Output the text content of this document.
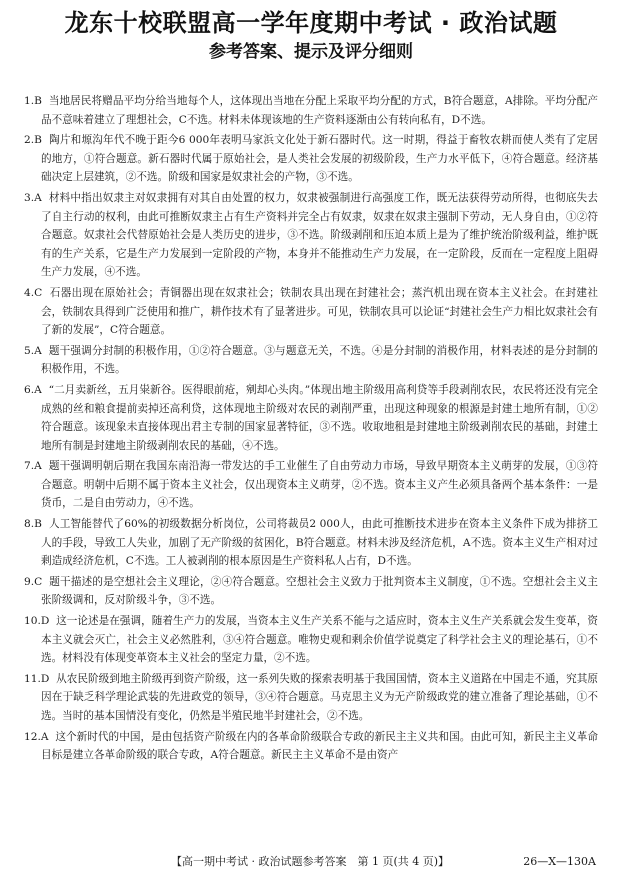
龙东十校联盟高一学年度期中考试 · 政治试题
参考答案、提示及评分细则

1.B 当地居民将赠品平均分给当地每个人，这体现出当地在分配上采取平均分配的方式，B符合题意，A排除。平均分配产品不意味着建立了理想社会，C不选。材料未体现该地的生产资料逐渐由公有转向私有，D不选。

2.B 陶片和塬沟年代不晚于距今6 000年表明马家浜文化处于新石器时代。这一时期，得益于畜牧农耕而使人类有了定居的地方，①符合题意。新石器时代属于原始社会，是人类社会发展的初级阶段，生产力水平低下，④符合题意。经济基础决定上层建筑，②不选。阶级和国家是奴隶社会的产物，③不选。

3.A 材料中指出奴隶主对奴隶拥有对其自由处置的权力，奴隶被强制进行高强度工作，既无法获得劳动所得，也彻底失去了自主行动的权利，由此可推断奴隶主占有生产资料并完全占有奴隶，奴隶在奴隶主强制下劳动，无人身自由，①②符合题意。奴隶社会代替原始社会是人类历史的进步，③不选。阶级剥削和压迫本质上是为了维护统治阶级利益，维护既有的生产关系，它是生产力发展到一定阶段的产物，本身并不能推动生产力发展，在一定阶段，反而在一定程度上阻碍生产力发展，④不选。

4.C 石器出现在原始社会；青铜器出现在奴隶社会；铁制农具出现在封建社会；蒸汽机出现在资本主义社会。在封建社会，铁制农具得到广泛使用和推广，耕作技术有了显著进步。可见，铁制农具可以论证“封建社会生产力相比奴隶社会有了新的发展”，C符合题意。

5.A 题干强调分封制的积极作用，①②符合题意。③与题意无关，不选。④是分封制的消极作用，材料表述的是分封制的积极作用，不选。

6.A “二月卖新丝，五月粜新谷。医得眼前疮，剜却心头肉。”体现出地主阶级用高利贷等手段剥削农民，农民将还没有完全成熟的丝和粮食提前卖掉还高利贷，这体现地主阶级对农民的剥削严重，出现这种现象的根源是封建土地所有制，①②符合题意。该现象未直接体现出君主专制的国家显著特征，③不选。收取地租是封建地主阶级剥削农民的基础，封建土地所有制是封建地主阶级剥削农民的基础，④不选。

7.A 题干强调明朝后期在我国东南沿海一带发达的手工业催生了自由劳动力市场，导致早期资本主义萌芽的发展，①③符合题意。明朝中后期不属于资本主义社会，仅出现资本主义萌芽，②不选。资本主义产生必须具备两个基本条件：一是货币，二是自由劳动力，④不选。

8.B 人工智能替代了60%的初级数据分析岗位，公司将裁员2 000人，由此可推断技术进步在资本主义条件下成为排挤工人的手段，导致工人失业，加剧了无产阶级的贫困化，B符合题意。材料未涉及经济危机，A不选。资本主义生产相对过剩造成经济危机，C不选。工人被剥削的根本原因是生产资料私人占有，D不选。

9.C 题干描述的是空想社会主义理论，②④符合题意。空想社会主义致力于批判资本主义制度，①不选。空想社会主义主张阶级调和，反对阶级斗争，③不选。

10.D 这一论述是在强调，随着生产力的发展，当资本主义生产关系不能与之适应时，资本主义生产关系就会发生变革，资本主义就会灭亡，社会主义必然胜利，③④符合题意。唯物史观和剩余价值学说奠定了科学社会主义的理论基石，①不选。材料没有体现变革资本主义社会的坚定力量，②不选。

11.D 从农民阶级到地主阶级再到资产阶级，这一系列失败的探索表明基于我国国情，资本主义道路在中国走不通，究其原因在于缺乏科学理论武装的先进政党的领导，③④符合题意。马克思主义为无产阶级政党的建立准备了理论基础，①不选。当时的基本国情没有变化，仍然是半殖民地半封建社会，②不选。

12.A 这个新时代的中国，是由包括资产阶级在内的各革命阶级联合专政的新民主主义共和国。由此可知，新民主主义革命目标是建立各革命阶级的联合专政，A符合题意。新民主主义革命不是由资产

【高一期中考试 · 政治试题参考答案　第 1 页(共 4 页)】	26—X—130A
